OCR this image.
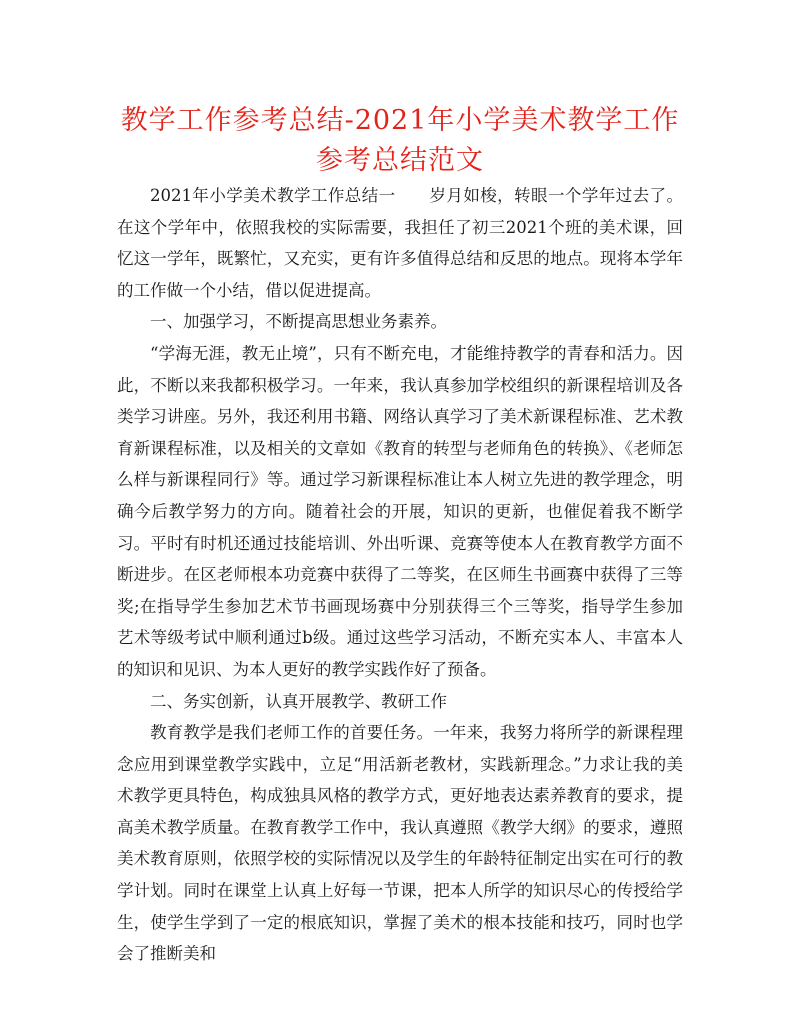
教学工作参考总结-2021年小学美术教学工作参考总结范文

2021年小学美术教学工作总结一　　岁月如梭，转眼一个学年过去了。在这个学年中，依照我校的实际需要，我担任了初三2021个班的美术课，回忆这一学年，既繁忙，又充实，更有许多值得总结和反思的地点。现将本学年的工作做一个小结，借以促进提高。

一、加强学习，不断提高思想业务素养。

“学海无涯，教无止境”，只有不断充电，才能维持教学的青春和活力。因此，不断以来我都积极学习。一年来，我认真参加学校组织的新课程培训及各类学习讲座。另外，我还利用书籍、网络认真学习了美术新课程标准、艺术教育新课程标准，以及相关的文章如《教育的转型与老师角色的转换》、《老师怎么样与新课程同行》等。通过学习新课程标准让本人树立先进的教学理念，明确今后教学努力的方向。随着社会的开展，知识的更新，也催促着我不断学习。平时有时机还通过技能培训、外出听课、竞赛等使本人在教育教学方面不断进步。在区老师根本功竞赛中获得了二等奖，在区师生书画赛中获得了三等奖;在指导学生参加艺术节书画现场赛中分别获得三个三等奖，指导学生参加艺术等级考试中顺利通过b级。通过这些学习活动，不断充实本人、丰富本人的知识和见识、为本人更好的教学实践作好了预备。

二、务实创新，认真开展教学、教研工作

教育教学是我们老师工作的首要任务。一年来，我努力将所学的新课程理念应用到课堂教学实践中，立足“用活新老教材，实践新理念。”力求让我的美术教学更具特色，构成独具风格的教学方式，更好地表达素养教育的要求，提高美术教学质量。在教育教学工作中，我认真遵照《教学大纲》的要求，遵照美术教育原则，依照学校的实际情况以及学生的年龄特征制定出实在可行的教学计划。同时在课堂上认真上好每一节课，把本人所学的知识尽心的传授给学生，使学生学到了一定的根底知识，掌握了美术的根本技能和技巧，同时也学会了推断美和
